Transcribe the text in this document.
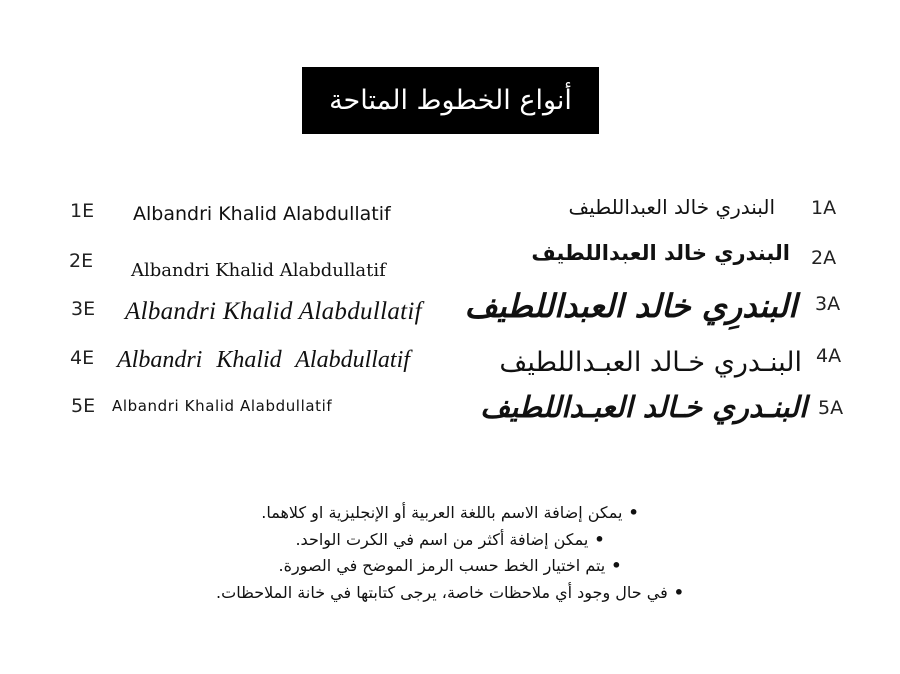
أنواع الخطوط المتاحة
1E Albandri Khalid Alabdullatif
2E Albandri Khalid Alabdullatif
3E Albandri Khalid Alabdullatif
4E Albandri Khalid Alabdullatif
5E Albandri Khalid Alabdullatif
البندري خالد العبداللطيف 1A
البندري خالد العبداللطيف 2A
البندرِي خالد العبداللطيف 3A
البنـدري خـالد العبـداللطيف 4A
البنـدري خـالد العبـداللطيف 5A
•يمكن إضافة الاسم باللغة العربية أو الإنجليزية او كلاهما.
•يمكن إضافة أكثر من اسم في الكرت الواحد.
•يتم اختيار الخط حسب الرمز الموضح في الصورة.
•في حال وجود أي ملاحظات خاصة، يرجى كتابتها في خانة الملاحظات.
